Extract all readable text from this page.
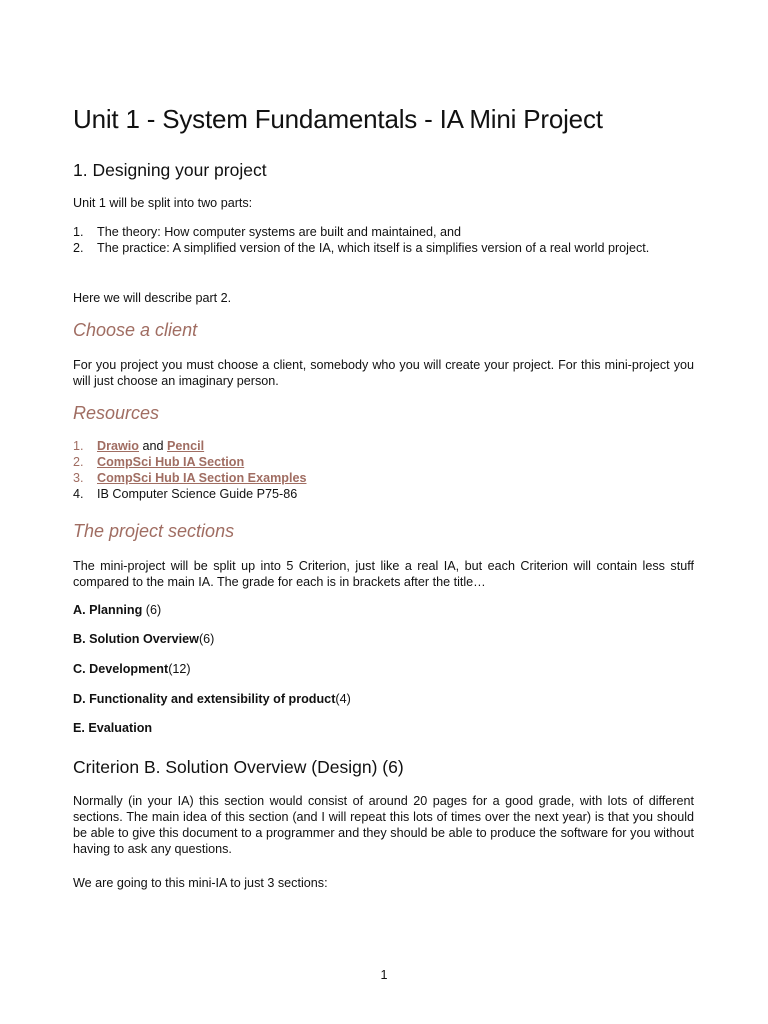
Unit 1 - System Fundamentals - IA Mini Project
1. Designing your project

Unit 1 will be split into two parts:

1. The theory: How computer systems are built and maintained, and
2. The practice: A simplified version of the IA, which itself is a simplifies version of a real world project.

Here we will describe part 2.

Choose a client

For you project you must choose a client, somebody who you will create your project. For this mini-project you will just choose an imaginary person.

Resources
1. Drawio and Pencil
2. CompSci Hub IA Section
3. CompSci Hub IA Section Examples
4. IB Computer Science Guide P75-86
The project sections

The mini-project will be split up into 5 Criterion, just like a real IA, but each Criterion will contain less stuff compared to the main IA. The grade for each is in brackets after the title…

A. Planning (6)
B. Solution Overview(6)
C. Development(12)
D. Functionality and extensibility of product(4)
E. Evaluation
Criterion B. Solution Overview (Design) (6)

Normally (in your IA) this section would consist of around 20 pages for a good grade, with lots of different sections. The main idea of this section (and I will repeat this lots of times over the next year) is that you should be able to give this document to a programmer and they should be able to produce the software for you without having to ask any questions.

We are going to this mini-IA to just 3 sections:

1
